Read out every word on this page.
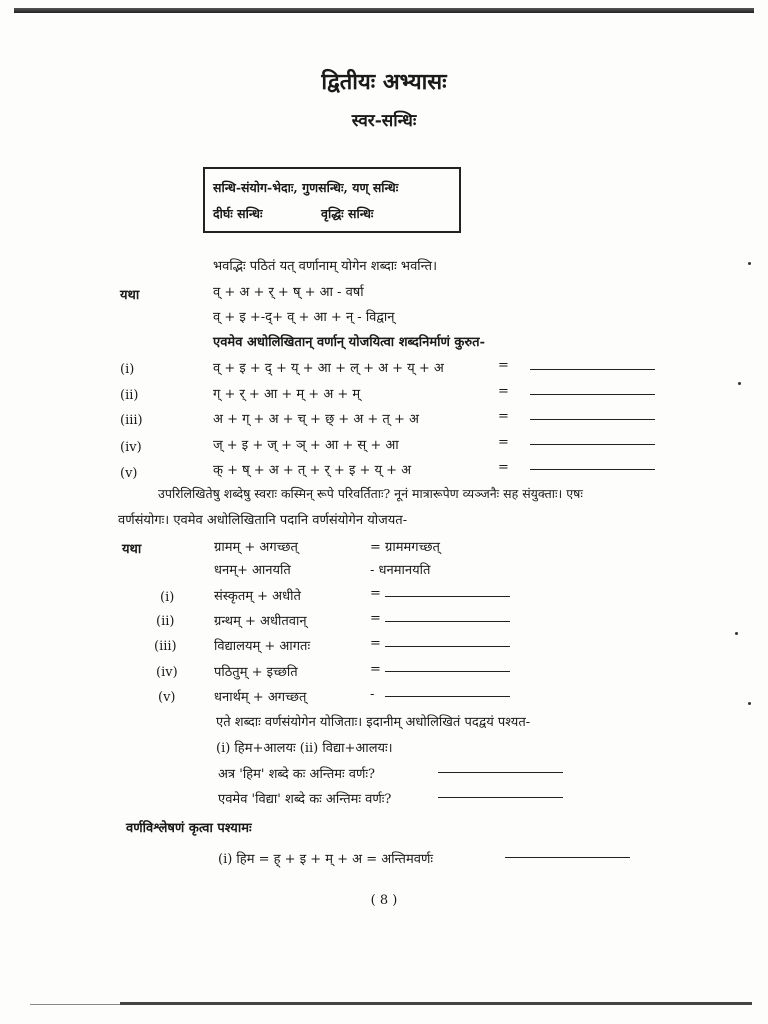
द्वितीयः अभ्यासः
स्वर-सन्धिः
सन्धि-संयोग-भेदाः, गुणसन्धिः, यण् सन्धिः
दीर्घः सन्धिः	वृद्धिः सन्धिः
भवद्भिः पठितं यत् वर्णानाम् योगेन शब्दाः भवन्ति।
यथा	व् + अ + र् + ष् + आ - वर्षा
व् + इ +-द्+ व् + आ + न् - विद्वान्
एवमेव अधोलिखितान् वर्णान् योजयित्वा शब्दनिर्माणं कुरुत-
(i)	व् + इ + द् + य् + आ + ल् + अ + य् + अ	=
(ii)	ग् + र् + आ + म् + अ + म्	=
(iii)	अ + ग् + अ + च् + छ् + अ + त् + अ	=
(iv)	ज् + इ + ज् + ञ् + आ + स् + आ	=
(v)	क् + ष् + अ + त् + र् + इ + य् + अ	=
उपरिलिखितेषु शब्देषु स्वराः कस्मिन् रूपे परिवर्तिताः? नूनं मात्रारूपेण व्यञ्जनैः सह संयुक्ताः। एषः
वर्णसंयोगः। एवमेव अधोलिखितानि पदानि वर्णसंयोगेन योजयत-
यथा	ग्रामम् + अगच्छत्	= ग्राममगच्छत्
धनम्+ आनयति	- धनमानयति
(i)	संस्कृतम् + अधीते	=
(ii)	ग्रन्थम् + अधीतवान्	=
(iii)	विद्यालयम् + आगतः	=
(iv)	पठितुम् + इच्छति	=
(v)	धनार्थम् + अगच्छत्	-
एते शब्दाः वर्णसंयोगेन योजिताः। इदानीम् अधोलिखितं पदद्वयं पश्यत-
(i) हिम+आलयः (ii) विद्या+आलयः।
अत्र 'हिम' शब्दे कः अन्तिमः वर्णः?
एवमेव 'विद्या' शब्दे कः अन्तिमः वर्णः?
वर्णविश्लेषणं कृत्वा पश्यामः
(i) हिम = ह् + इ + म् + अ = अन्तिमवर्णः
( 8 )
